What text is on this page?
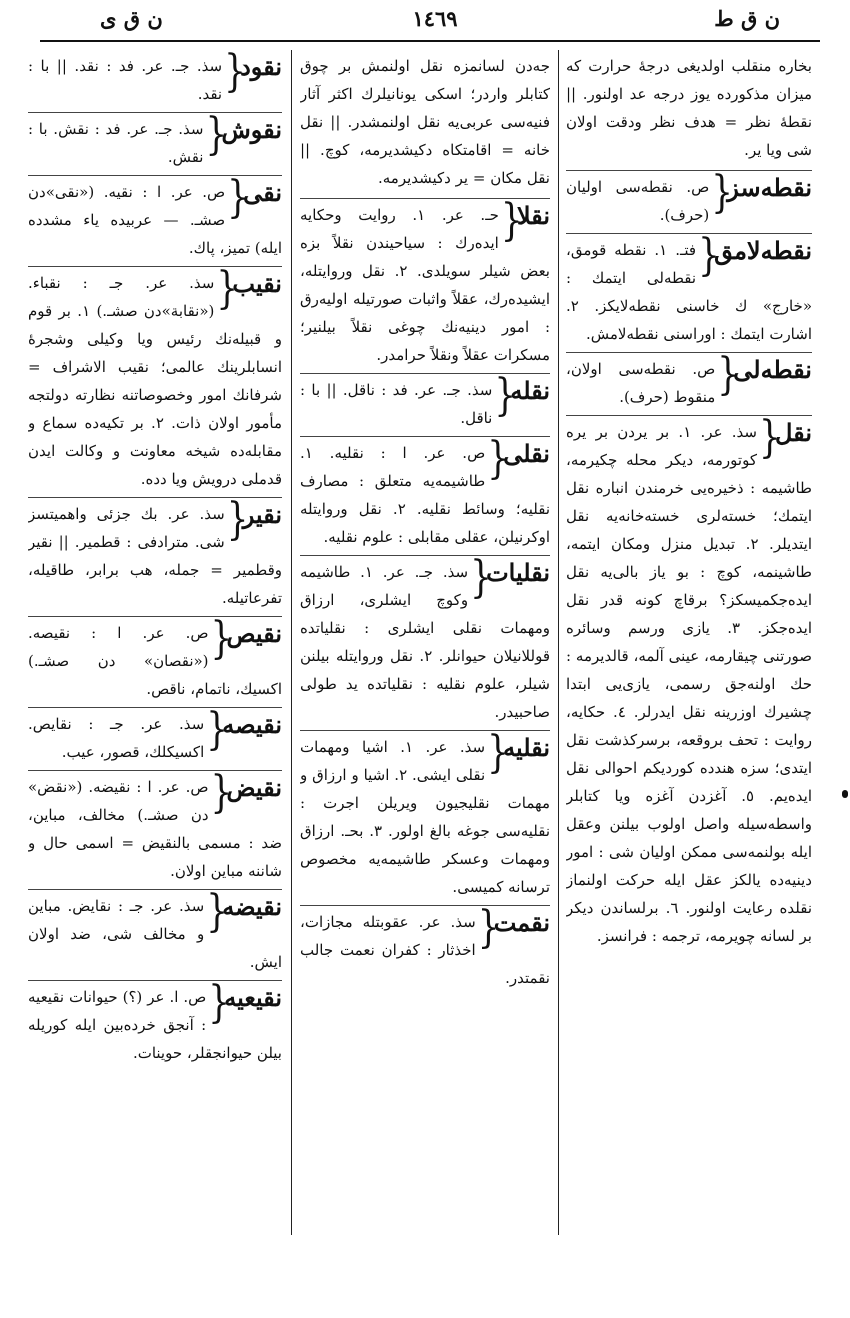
ن ق ط
١٤٦٩
ن ق ى
بخاره منقلب اولديغى درجهٔ حرارت كه ميزان مذكورده يوز درجه عد اولنور. || نقطهٔ نظر = هدف نظر ودقت اولان شى ويا ير.
نقطه‌سز {
ص. نقطه‌سى اوليان (حرف).
نقطه‌لامق {
فتـ. ١. نقطه قومق، نقطه‌لى ايتمك : «خارج» ك خاسنى نقطه‌لايكز. ٢. اشارت ايتمك : اوراسنى نقطه‌لامش.
نقطه‌لى {
ص. نقطه‌سى اولان، منقوط (حرف).
نقل {
سذ. عر. ١. بر يردن بر يره كوتورمه، ديكر محله چكيرمه، طاشيمه : ذخيره‌يى خرمندن انباره نقل ايتمك؛ خسته‌لرى خسته‌خانه‌يه نقل ايتديلر. ٢. تبديل منزل ومكان ايتمه، طاشينمه، كوچ : بو ياز بالى‌يه نقل ايده‌جكميسكز؟ برقاچ كونه قدر نقل ايده‌جكز. ٣. يازى ورسم وسائره صورتنى چيقارمه، عينى آلمه، قالديرمه : حك اولنه‌جق رسمى، يازى‌يى ابتدا چشيرك اوزرينه نقل ايدرلر. ٤. حكايه، روايت : تحف بروقعه، برسركذشت نقل ايتدى؛ سزه هندده كورديكم احوالى نقل ايده‌يم. ٥. آغزدن آغزه ويا كتابلر واسطه‌سيله واصل اولوب بيلنن وعقل ايله بولنمه‌سى ممكن اوليان شى : امور دينيه‌ده يالكز عقل ايله حركت اولنماز نقلده رعايت اولنور. ٦. برلساندن ديكر بر لسانه چويرمه، ترجمه : فرانسز.
جه‌دن لسانمزه نقل اولنمش بر چوق كتابلر واردر؛ اسكى يونانيلرك اكثر آثار فنيه‌سى عربى‌يه نقل اولنمشدر. || نقل خانه = اقامتكاه دكيشديرمه، كوچ. || نقل مكان = ير دكيشديرمه.
نقلا {
حـ. عر. ١. روايت وحكايه ايدەرك : سياحيندن نقلاً بزه بعض شيلر سويلدى. ٢. نقل وروايتله، ايشيده‌رك، عقلاً واثبات صورتيله اوليه‌رق : امور دينيه‌نك چوغى نقلاً بيلنير؛ مسكرات عقلاً ونقلاً حرامدر.
نقله {
سذ. جـ. عر. فد : ناقل. || با : ناقل.
نقلى {
ص. عر. ا : نقليه. ١. طاشيمه‌يه متعلق : مصارف نقليه؛ وسائط نقليه. ٢. نقل وروايتله اوكرنيلن، عقلى مقابلى : علوم نقليه.
نقليات {
سذ. جـ. عر. ١. طاشيمه وكوچ ايشلرى، ارزاق ومهمات نقلى ايشلرى : نقلياتده قوللانيلان حيوانلر. ٢. نقل وروايتله بيلنن شيلر، علوم نقليه : نقلياتده يد طولى صاحبيدر.
نقليه {
سذ. عر. ١. اشيا ومهمات نقلى ايشى. ٢. اشيا و ارزاق و مهمات نقليجيون ويريلن اجرت : نقليه‌سى جوغه بالغ اولور. ٣. بحـ. ارزاق ومهمات وعسكر طاشيمه‌يه مخصوص ترسانه كميسى.
نقمت {
سذ. عر. عقوبتله مجازات، اخذثار : كفران نعمت جالب نقمتدر.
نقود {
سذ. جـ. عر. فد : نقد. || با : نقد.
نقوش {
سذ. جـ. عر. فد : نقش. با : نقش.
نقى {
ص. عر. ا : نقيه. («نقى»دن صشـ. — عربيده ياء مشدده ايله) تميز، پاك.
نقيب {
سذ. عر. جـ : نقباء. («نقابة»دن صشـ.) ١. بر قوم و قبيله‌نك رئيس ويا وكيلى وشجرهٔ انسابلرينك عالمى؛ نقيب الاشراف = شرفانك امور وخصوصاتنه نظارته دولتجه مأمور اولان ذات. ٢. بر تكيه‌ده سماع و مقابله‌ده شيخه معاونت و وكالت ايدن قدملى درويش ويا دده.
نقير {
سذ. عر. بك جزئى واهميتسز شى. مترادفى : قطمير. || نقير وقطمير = جمله، هب برابر، طاقيله، تفرعاتيله.
نقيص {
ص. عر. ا : نقيصه. («نقصان» دن صشـ.) اكسيك، ناتمام، ناقص.
نقيصه {
سذ. عر. جـ : نقايص. اكسيكلك، قصور، عيب.
نقيض {
ص. عر. ا : نقيضه. («نقض» دن صشـ.) مخالف، مباين، ضد : مسمى بالنقيض = اسمى حال و شاننه مباين اولان.
نقيضه {
سذ. عر. جـ : نقايض. مباين و مخالف شى، ضد اولان ايش.
نقيعيه {
ص. ا. عر (؟) حيوانات نقيعيه : آنجق خرده‌بين ايله كوريله بيلن حيوانجقلر، حوينات.
